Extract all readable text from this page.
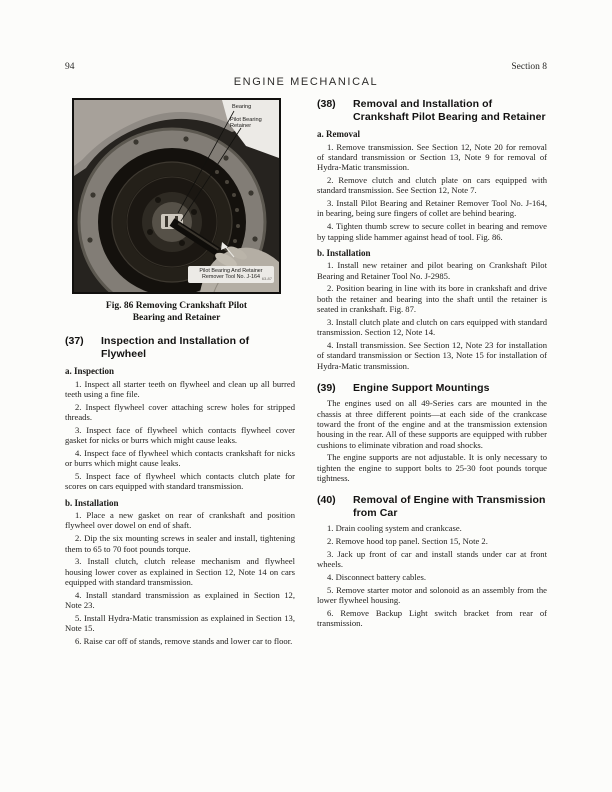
94	Section 8
ENGINE MECHANICAL
Bearing
Pilot Bearing
Retainer
Pilot Bearing And Retainer
Remover Tool No. J-164 63-87
Fig. 86 Removing Crankshaft Pilot
Bearing and Retainer
(37)	Inspection and Installation of Flywheel
a. Inspection

1. Inspect all starter teeth on flywheel and clean up all burred teeth using a fine file.

2. Inspect flywheel cover attaching screw holes for stripped threads.

3. Inspect face of flywheel which contacts flywheel cover gasket for nicks or burrs which might cause leaks.

4. Inspect face of flywheel which contacts crankshaft for nicks or burrs which might cause leaks.

5. Inspect face of flywheel which contacts clutch plate for scores on cars equipped with standard transmission.

b. Installation

1. Place a new gasket on rear of crankshaft and position flywheel over dowel on end of shaft.

2. Dip the six mounting screws in sealer and install, tightening them to 65 to 70 foot pounds torque.

3. Install clutch, clutch release mechanism and flywheel housing lower cover as explained in Section 12, Note 14 on cars equipped with standard transmission.

4. Install standard transmission as explained in Section 12, Note 23.

5. Install Hydra-Matic transmission as explained in Section 13, Note 15.

6. Raise car off of stands, remove stands and lower car to floor.

(38)	Removal and Installation of Crankshaft Pilot Bearing and Retainer
a. Removal

1. Remove transmission. See Section 12, Note 20 for removal of standard transmission or Section 13, Note 9 for removal of Hydra-Matic transmission.

2. Remove clutch and clutch plate on cars equipped with standard transmission. See Section 12, Note 7.

3. Install Pilot Bearing and Retainer Remover Tool No. J-164, in bearing, being sure fingers of collet are behind bearing.

4. Tighten thumb screw to secure collet in bearing and remove by tapping slide hammer against head of tool. Fig. 86.

b. Installation

1. Install new retainer and pilot bearing on Crankshaft Pilot Bearing and Retainer Tool No. J-2985.

2. Position bearing in line with its bore in crankshaft and drive both the retainer and bearing into the shaft until the retainer is seated in crankshaft. Fig. 87.

3. Install clutch plate and clutch on cars equipped with standard transmission. Section 12, Note 14.

4. Install transmission. See Section 12, Note 23 for installation of standard transmission or Section 13, Note 15 for installation of Hydra-Matic transmission.

(39)	Engine Support Mountings

The engines used on all 49-Series cars are mounted in the chassis at three different points—at each side of the crankcase toward the front of the engine and at the transmission extension housing in the rear. All of these supports are equipped with rubber cushions to eliminate vibration and road shocks.

The engine supports are not adjustable. It is only necessary to tighten the engine to support bolts to 25-30 foot pounds torque tightness.

(40)	Removal of Engine with Transmission from Car

1. Drain cooling system and crankcase.

2. Remove hood top panel. Section 15, Note 2.

3. Jack up front of car and install stands under car at front wheels.

4. Disconnect battery cables.

5. Remove starter motor and solonoid as an assembly from the lower flywheel housing.

6. Remove Backup Light switch bracket from rear of transmission.
